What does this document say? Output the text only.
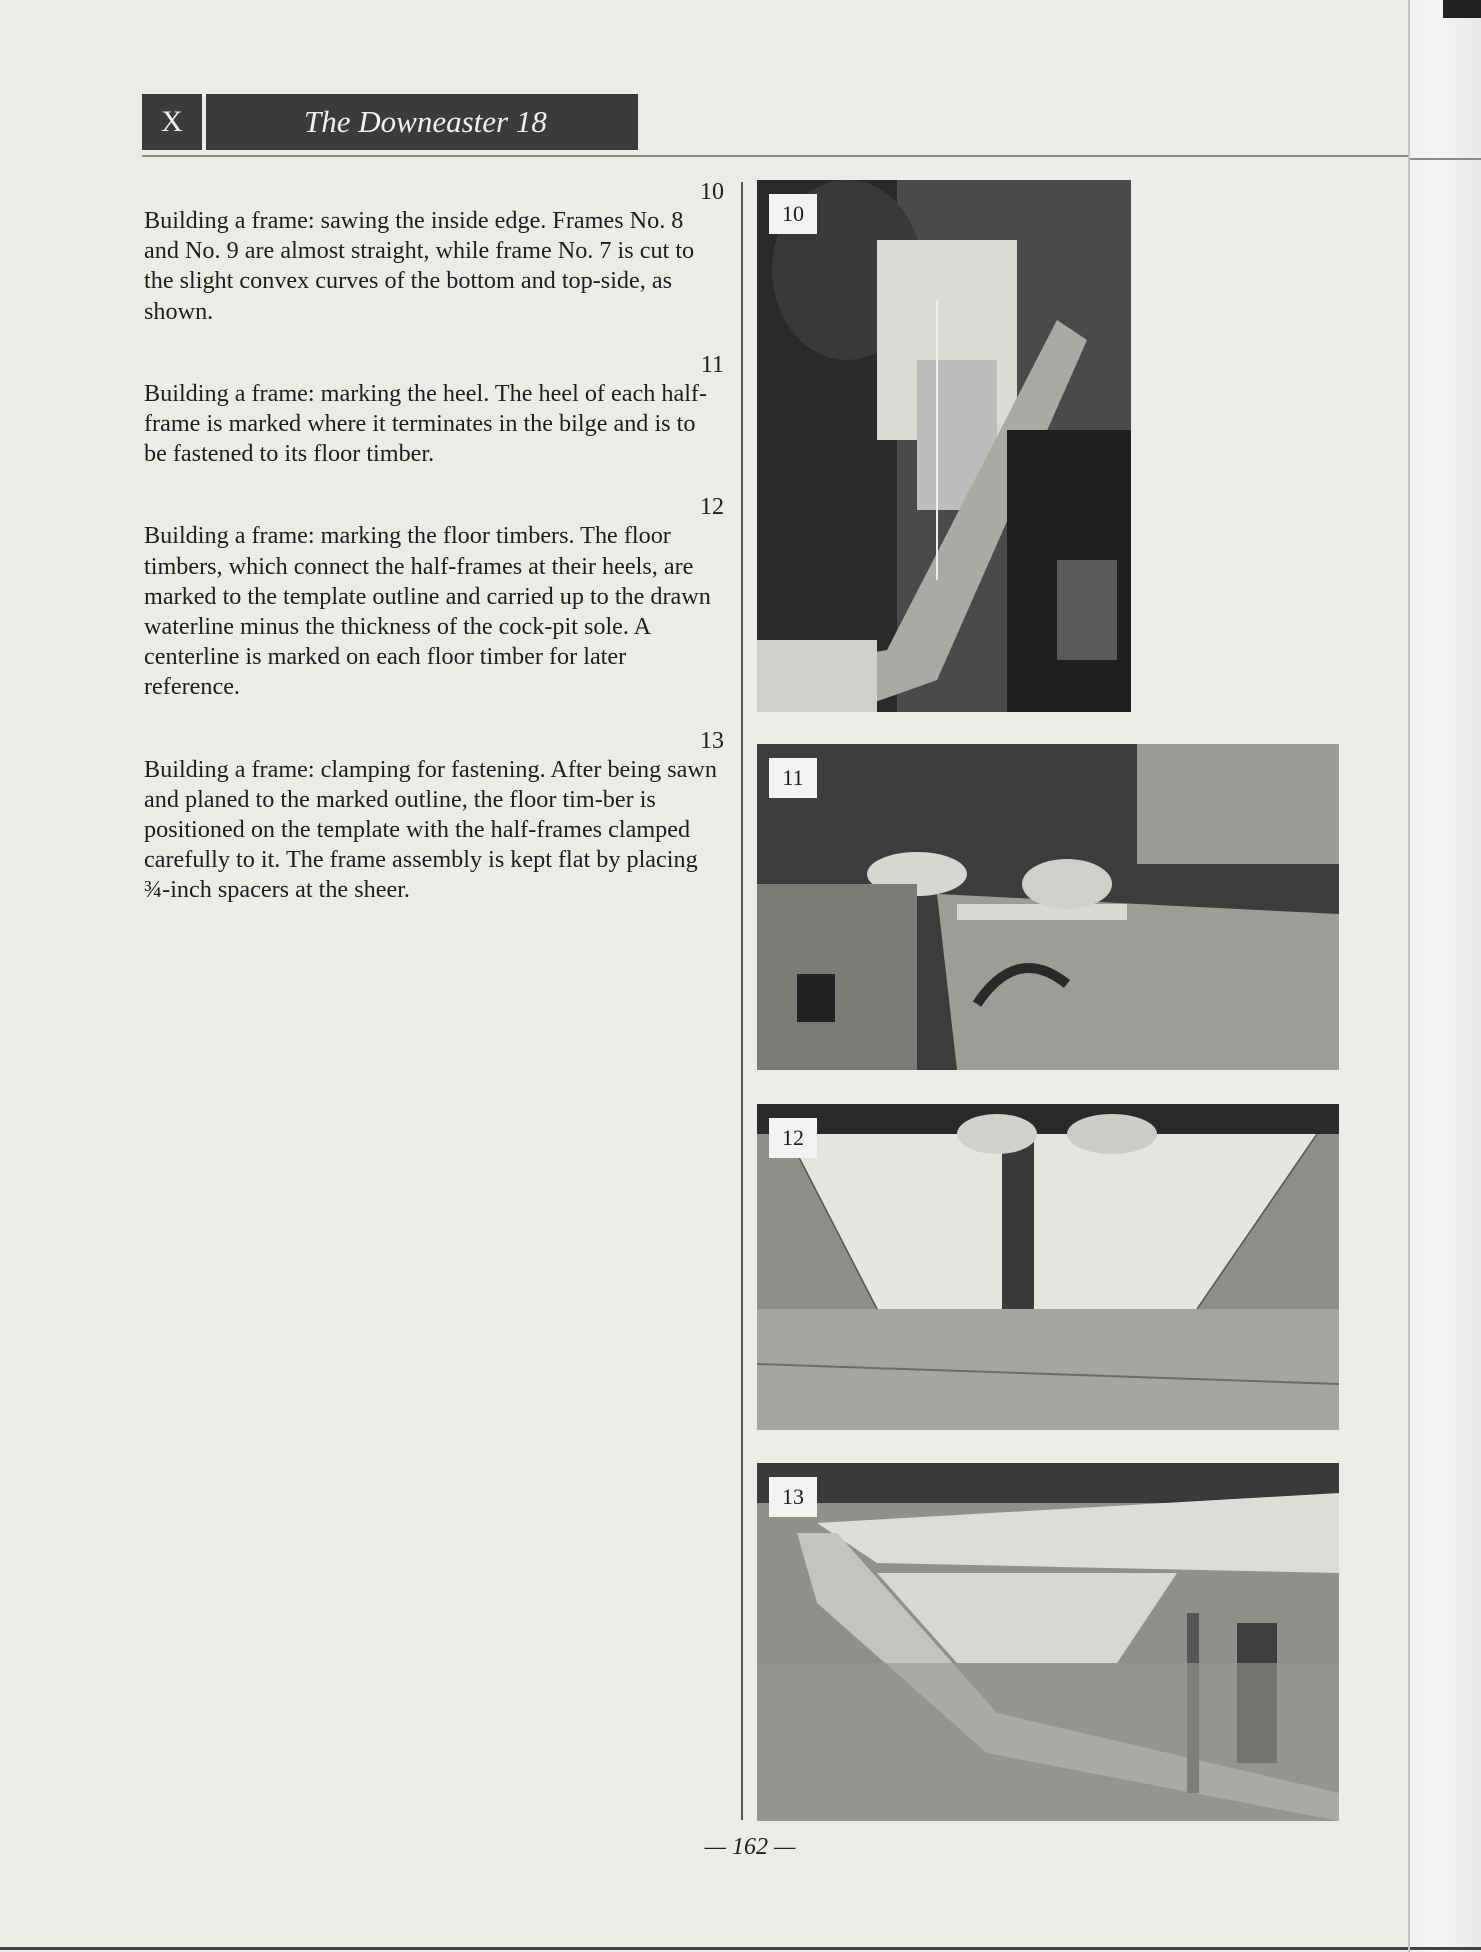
X	The Downeaster 18
10

Building a frame: sawing the inside edge. Frames No. 8 and No. 9 are almost straight, while frame No. 7 is cut to the slight convex curves of the bottom and top-side, as shown.

11

Building a frame: marking the heel. The heel of each half-frame is marked where it terminates in the bilge and is to be fastened to its floor timber.

12

Building a frame: marking the floor timbers. The floor timbers, which connect the half-frames at their heels, are marked to the template outline and carried up to the drawn waterline minus the thickness of the cock-pit sole. A centerline is marked on each floor timber for later reference.

13

Building a frame: clamping for fastening. After being sawn and planed to the marked outline, the floor tim-ber is positioned on the template with the half-frames clamped carefully to it. The frame assembly is kept flat by placing ¾-inch spacers at the sheer.

10
11
12
13
— 162 —
